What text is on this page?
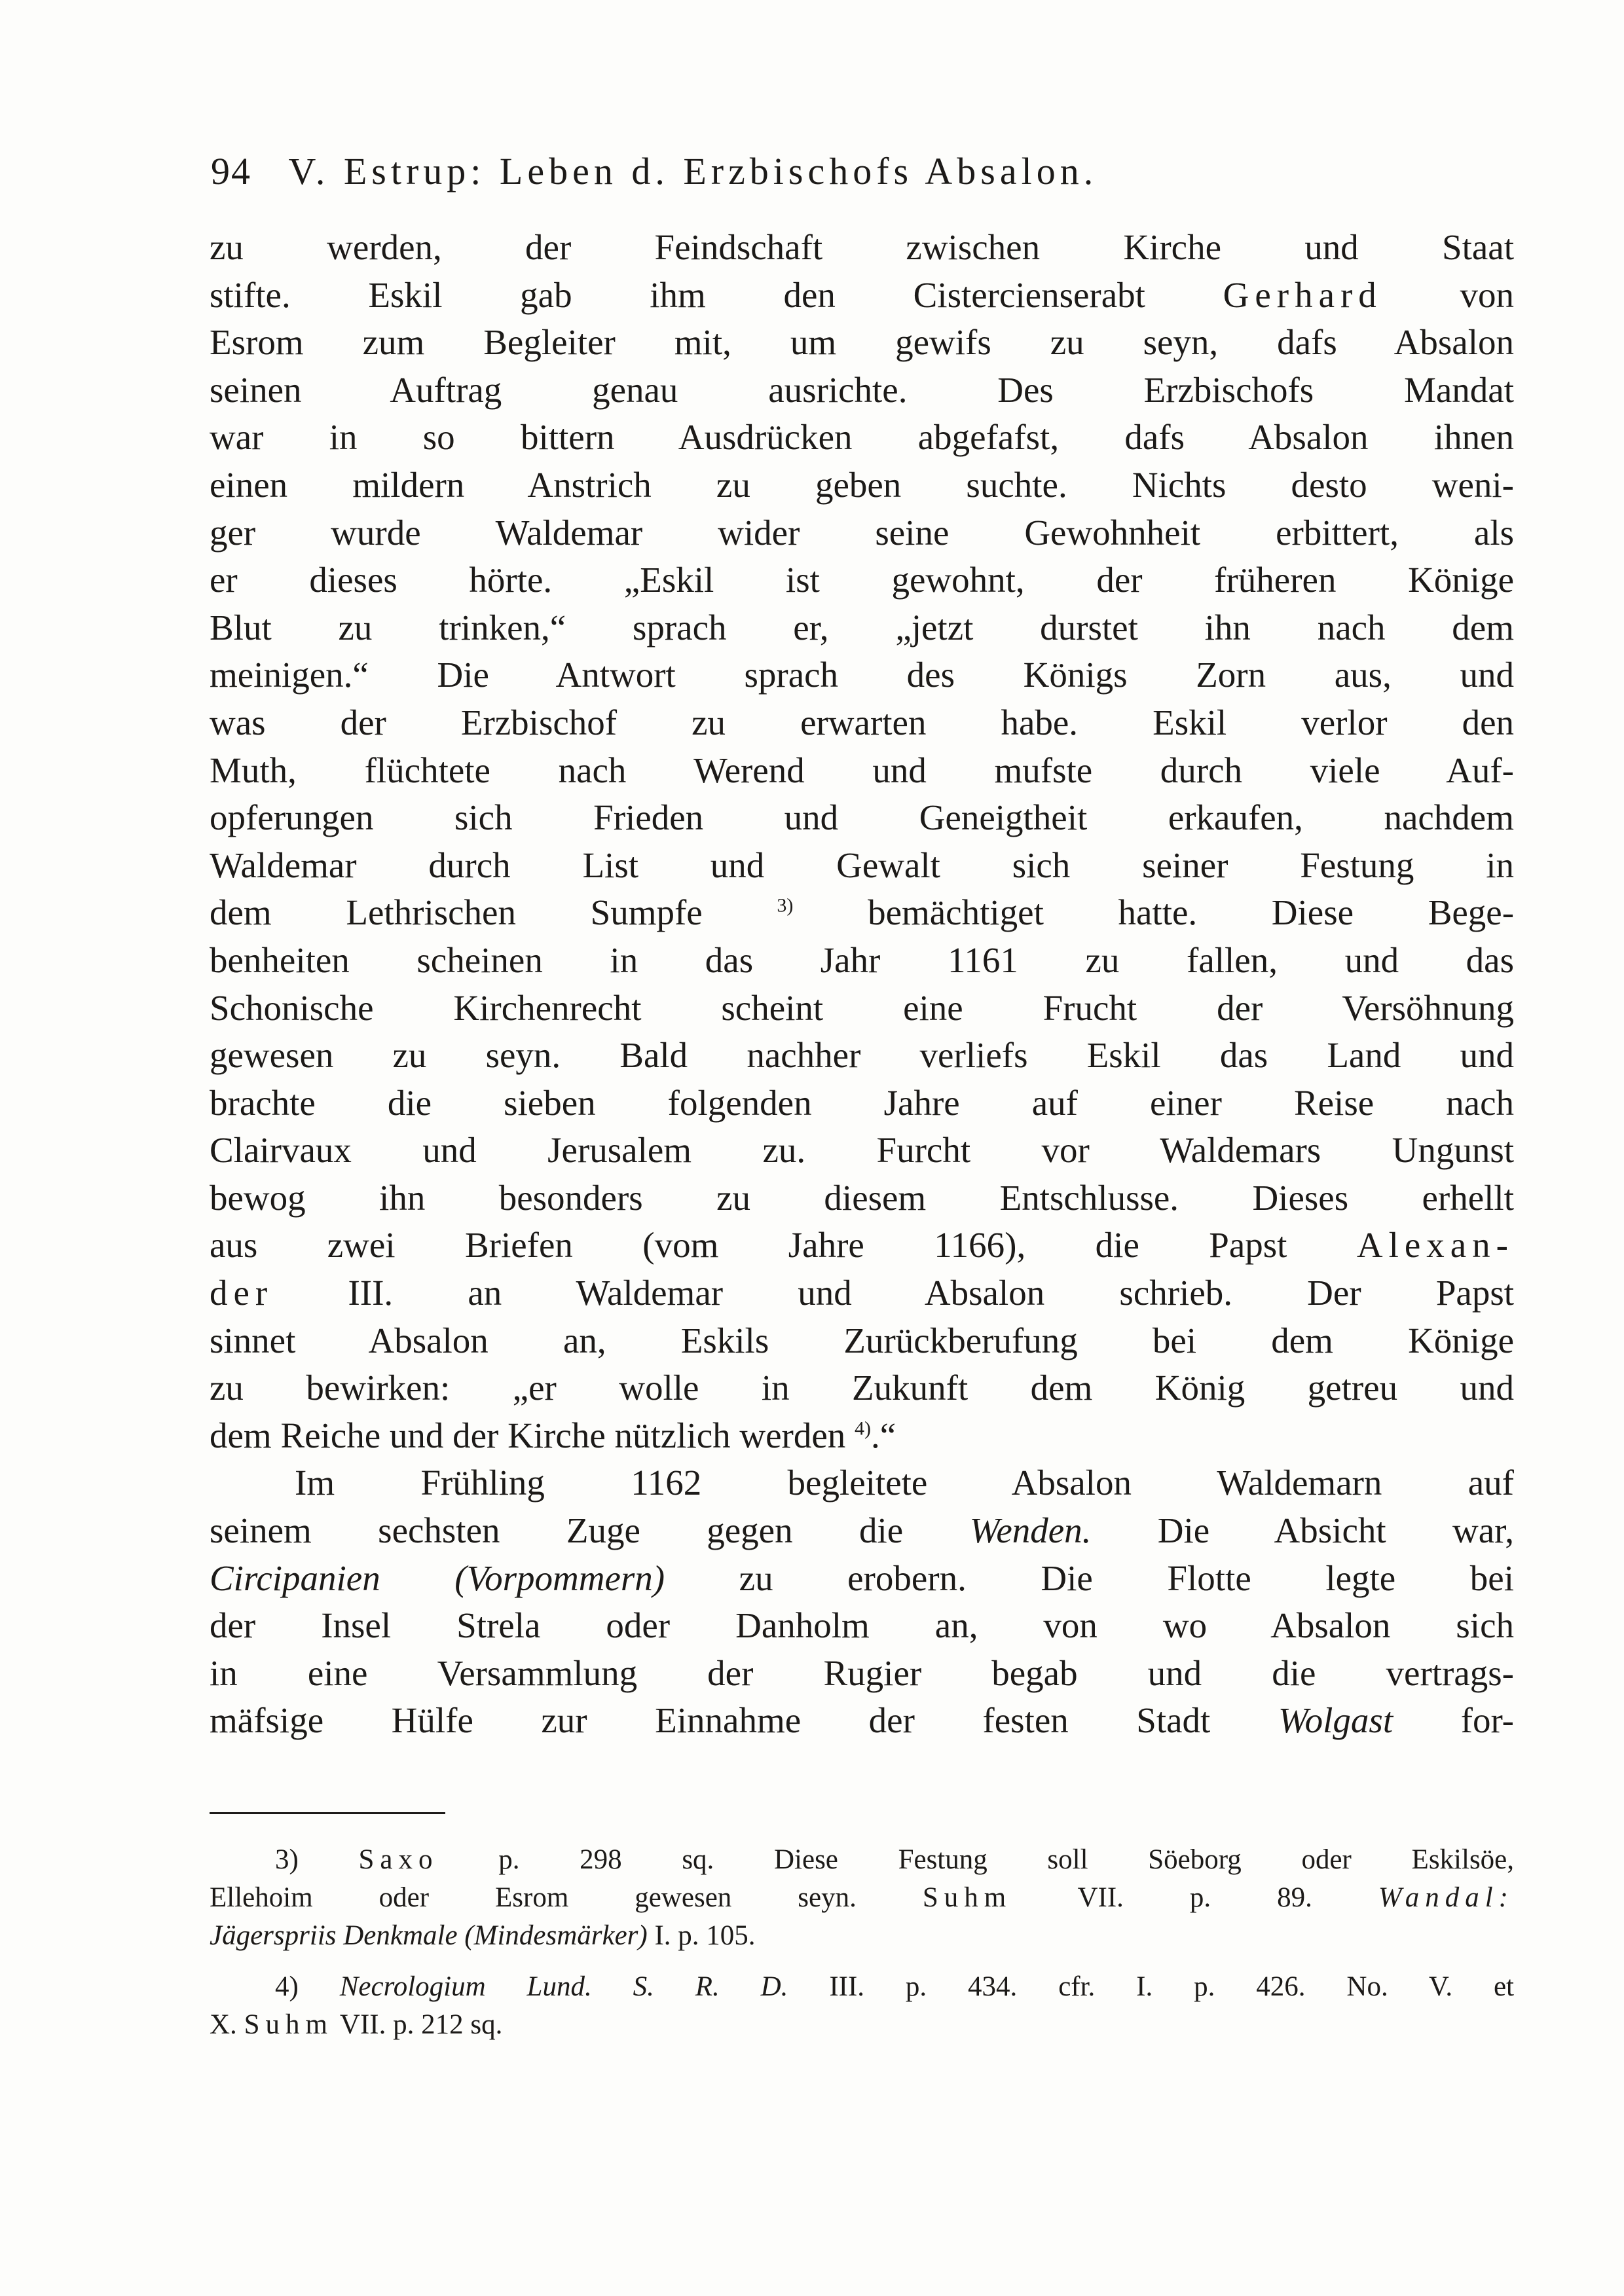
94 V. Estrup: Leben d. Erzbischofs Absalon.
zu werden, der Feindschaft zwischen Kirche und Staat
stifte. Eskil gab ihm den Cistercienserabt Gerhard von
Esrom zum Begleiter mit, um gewifs zu seyn, dafs Absalon
seinen Auftrag genau ausrichte. Des Erzbischofs Mandat
war in so bittern Ausdrücken abgefafst, dafs Absalon ihnen
einen mildern Anstrich zu geben suchte. Nichts desto weni-
ger wurde Waldemar wider seine Gewohnheit erbittert, als
er dieses hörte. „Eskil ist gewohnt, der früheren Könige
Blut zu trinken,“ sprach er, „jetzt durstet ihn nach dem
meinigen.“ Die Antwort sprach des Königs Zorn aus, und
was der Erzbischof zu erwarten habe. Eskil verlor den
Muth, flüchtete nach Werend und mufste durch viele Auf-
opferungen sich Frieden und Geneigtheit erkaufen, nachdem
Waldemar durch List und Gewalt sich seiner Festung in
dem Lethrischen Sumpfe	$^{3)}$ bemächtiget hatte. Diese Bege-
benheiten scheinen in das Jahr 1161 zu fallen, und das
Schonische Kirchenrecht scheint eine Frucht der Versöhnung
gewesen zu seyn. Bald nachher verliefs Eskil das Land und
brachte die sieben folgenden Jahre auf einer Reise nach
Clairvaux und Jerusalem zu. Furcht vor Waldemars Ungunst
bewog ihn besonders zu diesem Entschlusse. Dieses erhellt
aus zwei Briefen (vom Jahre 1166), die Papst Alexan-
der III. an Waldemar und Absalon schrieb. Der Papst
sinnet Absalon an, Eskils Zurückberufung bei dem Könige
zu bewirken: „er wolle in Zukunft dem König getreu und
dem Reiche und der Kirche nützlich werden $^{4)}$.“
Im Frühling 1162 begleitete Absalon Waldemarn auf
seinem sechsten Zuge gegen die Wenden. Die Absicht war,
Circipanien (Vorpommern) zu erobern. Die Flotte legte bei
der Insel Strela oder Danholm an, von wo Absalon sich
in eine Versammlung der Rugier begab und die vertrags-
mäfsige Hülfe zur Einnahme der festen Stadt Wolgast for-
3) Saxo p. 298 sq. Diese Festung soll Söeborg oder Eskilsöe,
Ellehoim oder Esrom gewesen seyn. Suhm VII. p. 89. Wandal:
Jägerspriis Denkmale (Mindesmärker) I. p. 105.
4) Necrologium Lund. S. R. D. III. p. 434. cfr. I. p. 426. No. V. et
X. Suhm VII. p. 212 sq.
